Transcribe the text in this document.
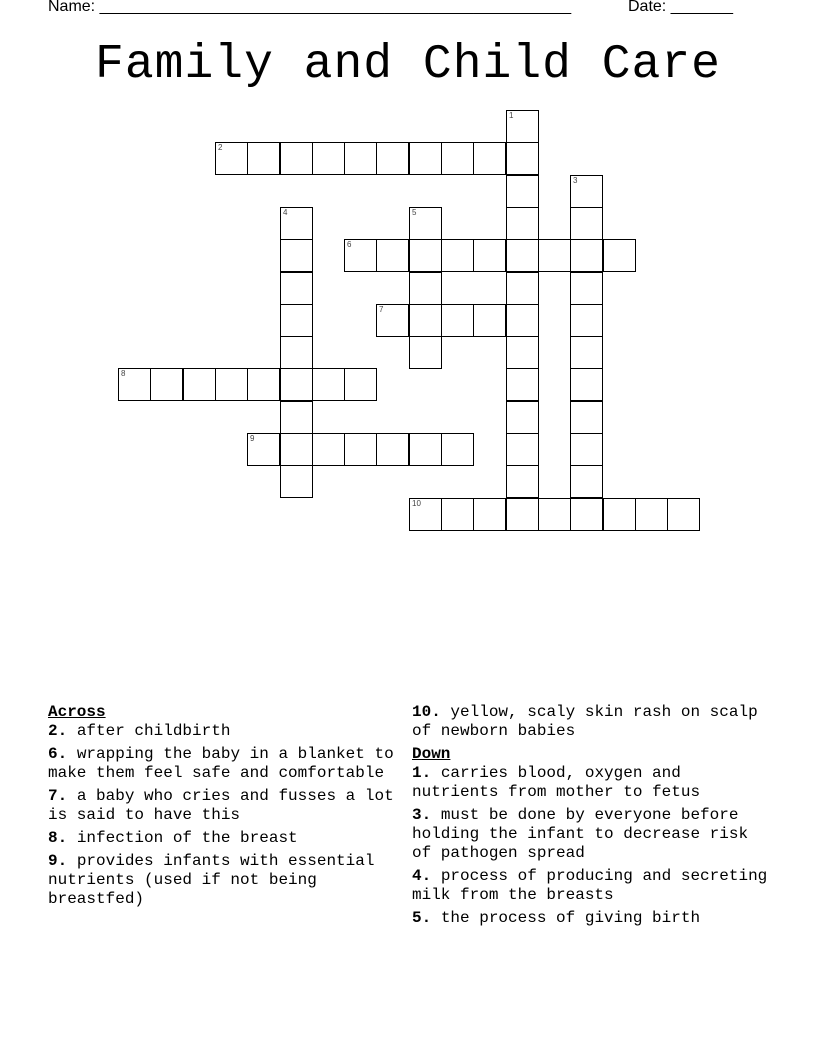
Name: _____________________________________________________	Date: _______
Family and Child Care
1
2
3
4	5
6
7
8
9
10
Across
2. after childbirth
6. wrapping the baby in a blanket to make them feel safe and comfortable
7. a baby who cries and fusses a lot is said to have this
8. infection of the breast
9. provides infants with essential nutrients (used if not being breastfed)
10. yellow, scaly skin rash on scalp of newborn babies
Down
1. carries blood, oxygen and nutrients from mother to fetus
3. must be done by everyone before holding the infant to decrease risk of pathogen spread
4. process of producing and secreting milk from the breasts
5. the process of giving birth
